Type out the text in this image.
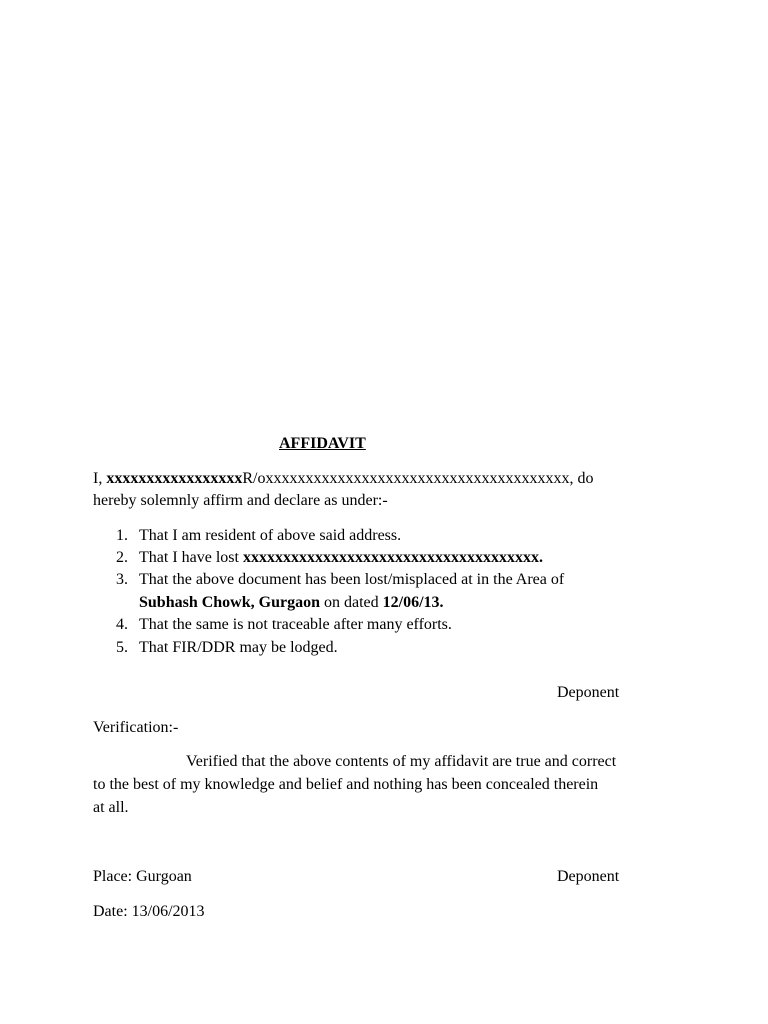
AFFIDAVIT
I, xxxxxxxxxxxxxxxxxR/oxxxxxxxxxxxxxxxxxxxxxxxxxxxxxxxxxxxxxx, do
hereby solemnly affirm and declare as under:-
1. That I am resident of above said address.
2. That I have lost xxxxxxxxxxxxxxxxxxxxxxxxxxxxxxxxxxxxx.
3. That the above document has been lost/misplaced at in the Area of
Subhash Chowk, Gurgaon on dated 12/06/13.
4. That the same is not traceable after many efforts.
5. That FIR/DDR may be lodged.
Deponent
Verification:-
Verified that the above contents of my affidavit are true and correct
to the best of my knowledge and belief and nothing has been concealed therein
at all.
Place: Gurgoan	Deponent
Date: 13/06/2013
